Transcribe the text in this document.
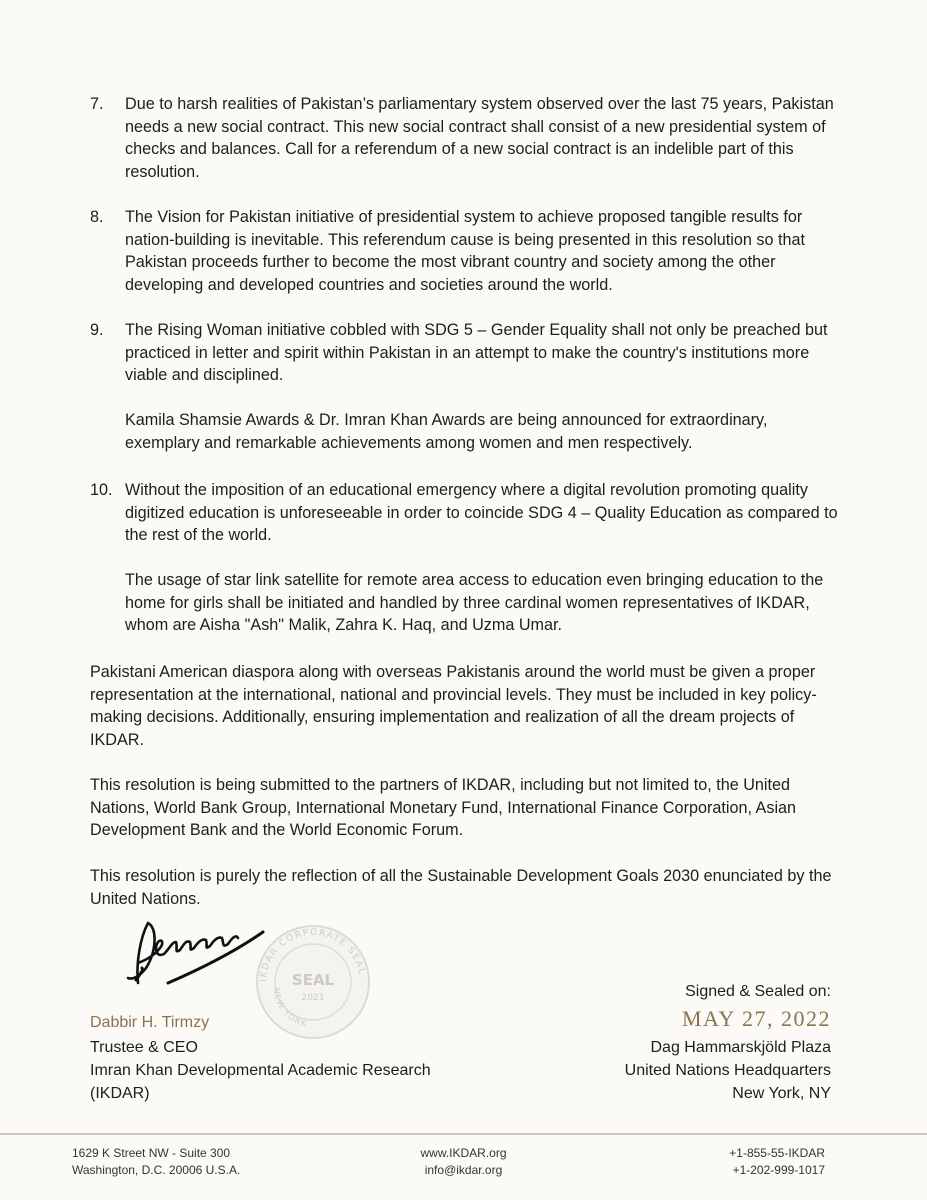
7.	Due to harsh realities of Pakistan’s parliamentary system observed over the last 75 years, Pakistan needs a new social contract. This new social contract shall consist of a new presidential system of checks and balances. Call for a referendum of a new social contract is an indelible part of this resolution.
8.	The Vision for Pakistan initiative of presidential system to achieve proposed tangible results for nation-building is inevitable. This referendum cause is being presented in this resolution so that Pakistan proceeds further to become the most vibrant country and society among the other developing and developed countries and societies around the world.
9.	The Rising Woman initiative cobbled with SDG 5 – Gender Equality shall not only be preached but practiced in letter and spirit within Pakistan in an attempt to make the country's institutions more viable and disciplined.
Kamila Shamsie Awards & Dr. Imran Khan Awards are being announced for extraordinary, exemplary and remarkable achievements among women and men respectively.
10. Without the imposition of an educational emergency where a digital revolution promoting quality digitized education is unforeseeable in order to coincide SDG 4 – Quality Education as compared to the rest of the world.
The usage of star link satellite for remote area access to education even bringing education to the home for girls shall be initiated and handled by three cardinal women representatives of IKDAR, whom are Aisha "Ash" Malik, Zahra K. Haq, and Uzma Umar.
Pakistani American diaspora along with overseas Pakistanis around the world must be given a proper representation at the international, national and provincial levels. They must be included in key policy-making decisions. Additionally, ensuring implementation and realization of all the dream projects of IKDAR.
This resolution is being submitted to the partners of IKDAR, including but not limited to, the United Nations, World Bank Group, International Monetary Fund, International Finance Corporation, Asian Development Bank and the World Economic Forum.
This resolution is purely the reflection of all the Sustainable Development Goals 2030 enunciated by the United Nations.
IKDAR CORPORATE SEAL
NEW YORK
SEAL
2021
Dabbir H. Tirmzy
Trustee & CEO
Imran Khan Developmental Academic Research
(IKDAR)
Signed & Sealed on:
MAY 27, 2022
Dag Hammarskjöld Plaza
United Nations Headquarters
New York, NY
1629 K Street NW - Suite 300
Washington, D.C. 20006 U.S.A.
www.IKDAR.org
info@ikdar.org
+1-855-55-IKDAR
+1-202-999-1017
